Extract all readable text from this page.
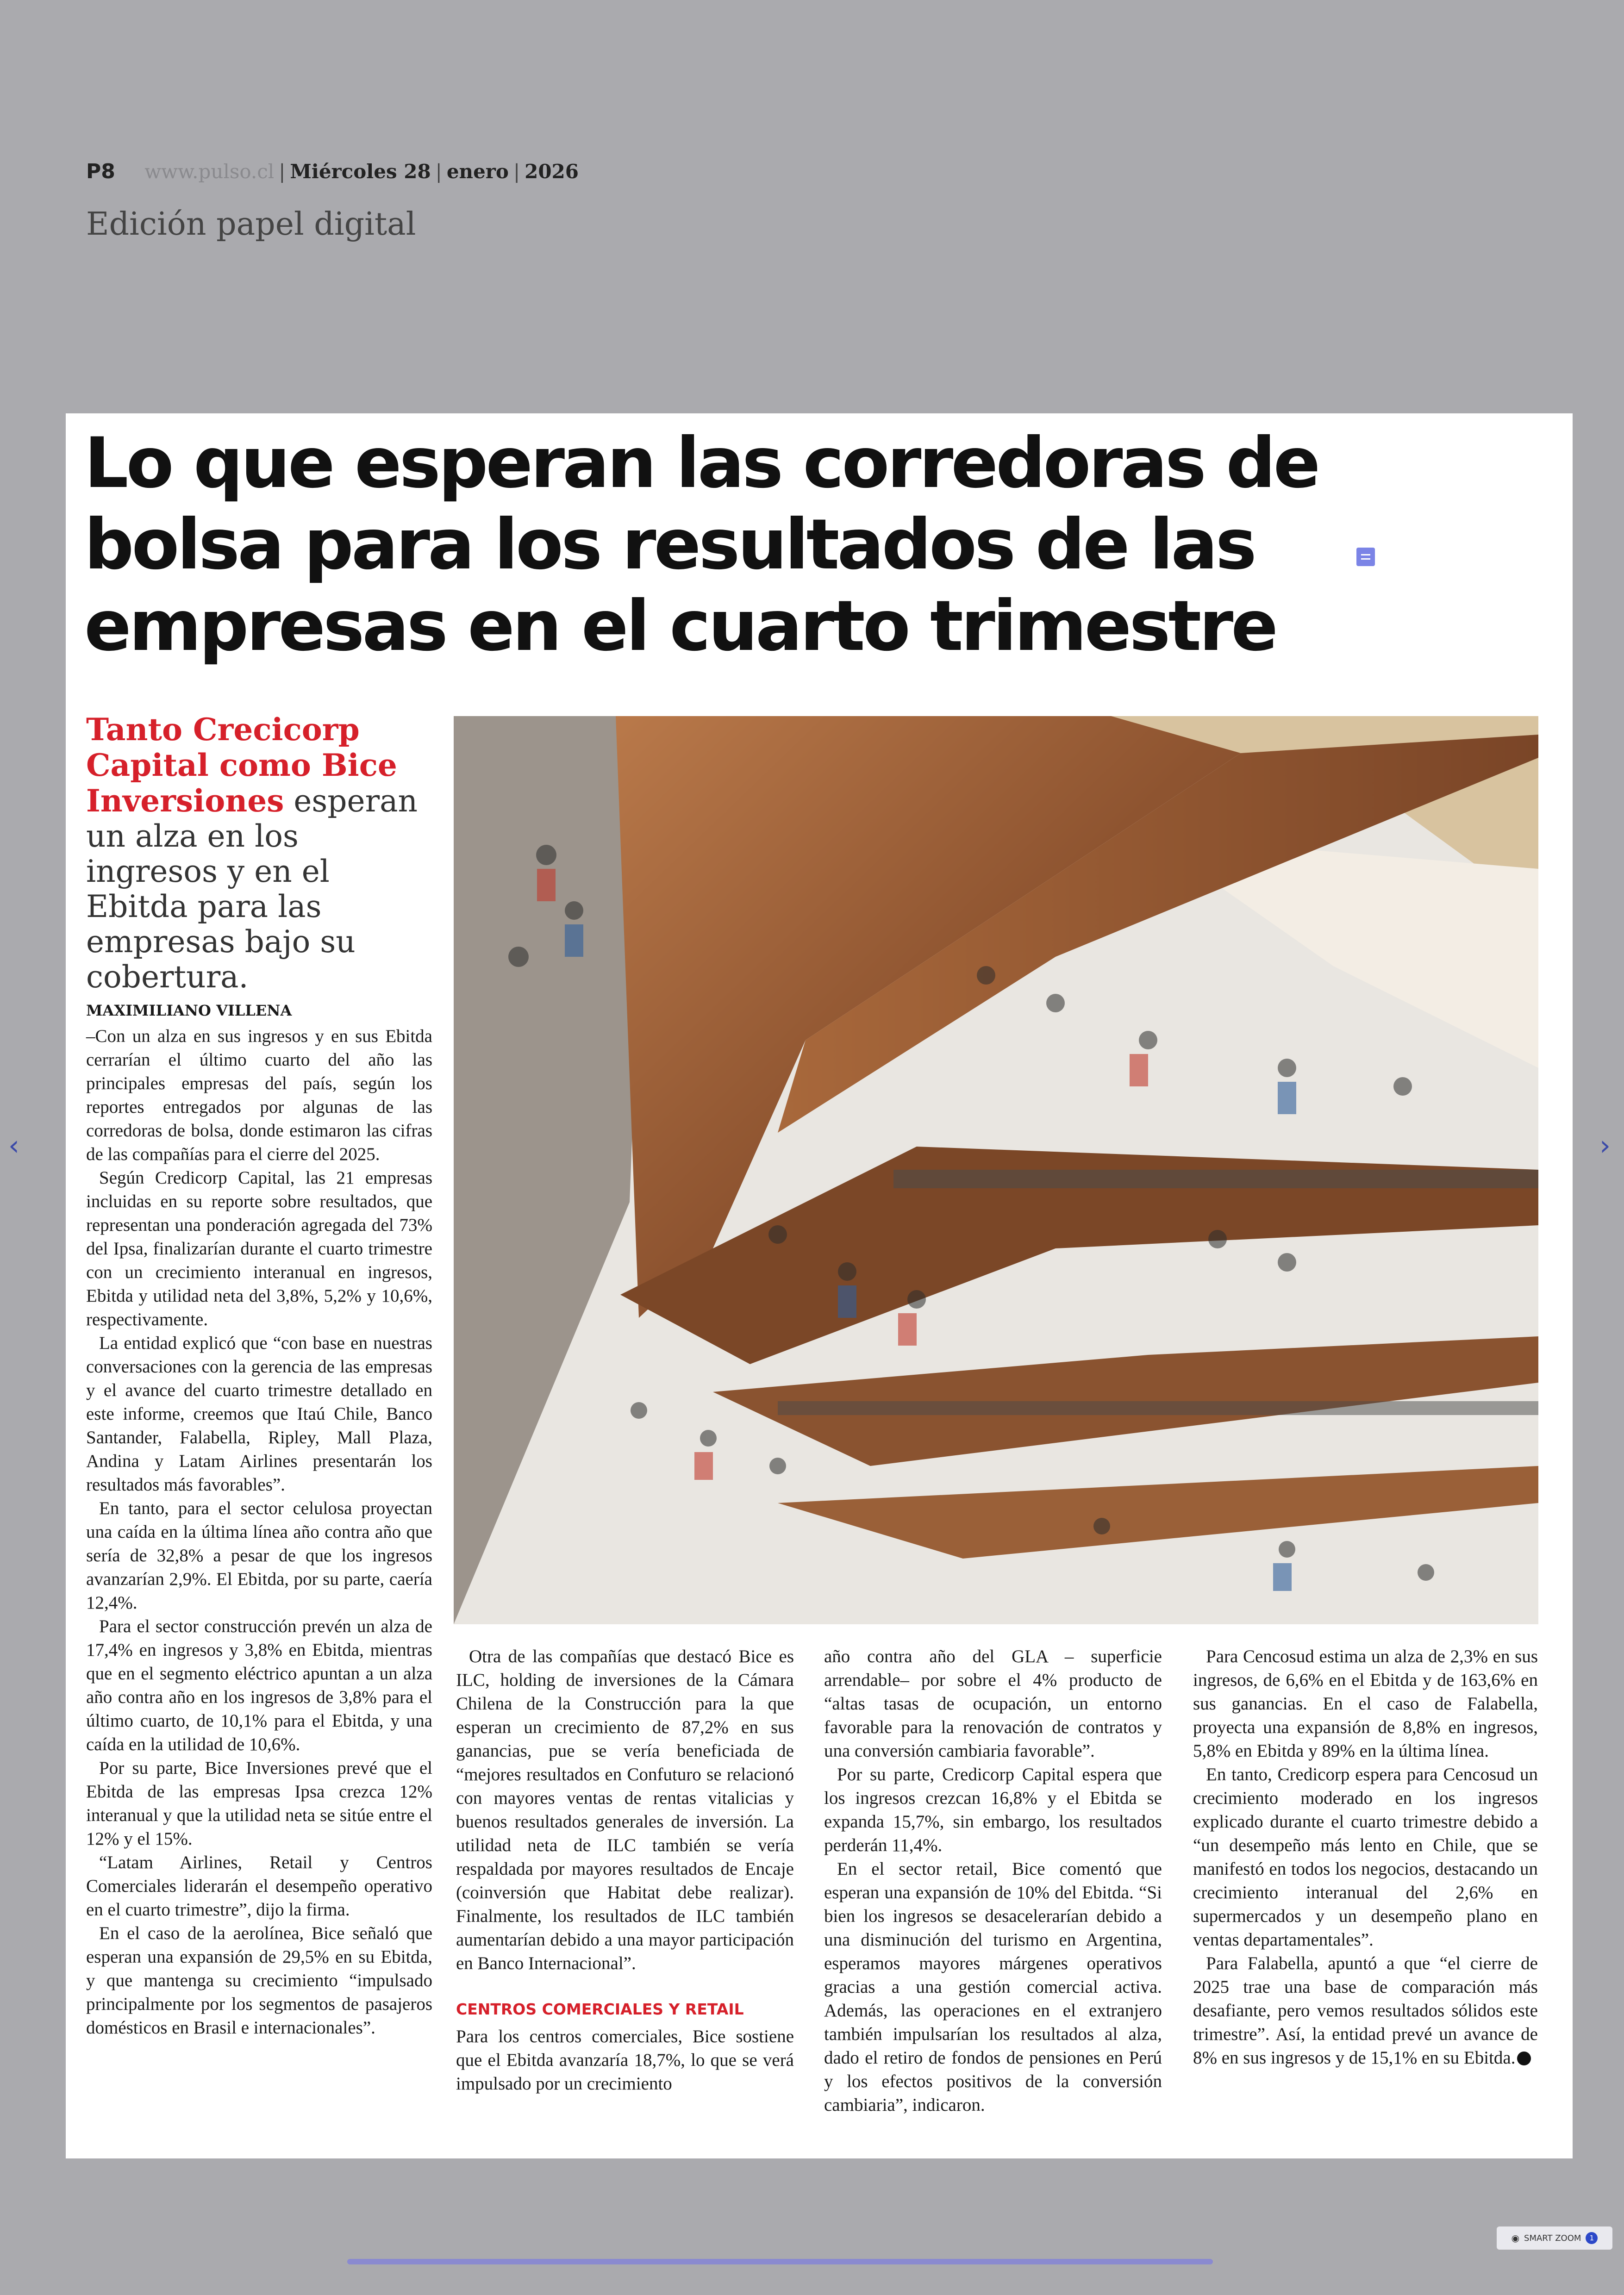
P8 www.pulso.cl | Miércoles 28 | enero | 2026
Edición papel digital
Lo que esperan las corredoras de bolsa para los resultados de las empresas en el cuarto trimestre
Tanto Crecicorp Capital como Bice Inversiones esperan un alza en los ingresos y en el Ebitda para las empresas bajo su cobertura.
MAXIMILIANO VILLENA

–Con un alza en sus ingresos y en sus Ebitda cerrarían el último cuarto del año las principales empresas del país, según los reportes entregados por algunas de las corredoras de bolsa, donde estimaron las cifras de las compañías para el cierre del 2025.

Según Credicorp Capital, las 21 empresas incluidas en su reporte sobre resultados, que representan una ponderación agregada del 73% del Ipsa, finalizarían durante el cuarto trimestre con un crecimiento interanual en ingresos, Ebitda y utilidad neta del 3,8%, 5,2% y 10,6%, respectivamente.

La entidad explicó que “con base en nuestras conversaciones con la gerencia de las empresas y el avance del cuarto trimestre detallado en este informe, creemos que Itaú Chile, Banco Santander, Falabella, Ripley, Mall Plaza, Andina y Latam Airlines presentarán los resultados más favorables”.

En tanto, para el sector celulosa proyectan una caída en la última línea año contra año que sería de 32,8% a pesar de que los ingresos avanzarían 2,9%. El Ebitda, por su parte, caería 12,4%.

Para el sector construcción prevén un alza de 17,4% en ingresos y 3,8% en Ebitda, mientras que en el segmento eléctrico apuntan a un alza año contra año en los ingresos de 3,8% para el último cuarto, de 10,1% para el Ebitda, y una caída en la utilidad de 10,6%.

Por su parte, Bice Inversiones prevé que el Ebitda de las empresas Ipsa crezca 12% interanual y que la utilidad neta se sitúe entre el 12% y el 15%.

“Latam Airlines, Retail y Centros Comerciales liderarán el desempeño operativo en el cuarto trimestre”, dijo la firma.

En el caso de la aerolínea, Bice señaló que esperan una expansión de 29,5% en su Ebitda, y que mantenga su crecimiento “impulsado principalmente por los segmentos de pasajeros domésticos en Brasil e internacionales”.

Otra de las compañías que destacó Bice es ILC, holding de inversiones de la Cámara Chilena de la Construcción para la que esperan un crecimiento de 87,2% en sus ganancias, pue se vería beneficiada de “mejores resultados en Confuturo se relacionó con mayores ventas de rentas vitalicias y buenos resultados generales de inversión. La utilidad neta de ILC también se vería respaldada por mayores resultados de Encaje (coinversión que Habitat debe realizar). Finalmente, los resultados de ILC también aumentarían debido a una mayor participación en Banco Internacional”.

CENTROS COMERCIALES Y RETAIL

Para los centros comerciales, Bice sostiene que el Ebitda avanzaría 18,7%, lo que se verá impulsado por un crecimiento

año contra año del GLA – superficie arrendable– por sobre el 4% producto de “altas tasas de ocupación, un entorno favorable para la renovación de contratos y una conversión cambiaria favorable”.

Por su parte, Credicorp Capital espera que los ingresos crezcan 16,8% y el Ebitda se expanda 15,7%, sin embargo, los resultados perderán 11,4%.

En el sector retail, Bice comentó que esperan una expansión de 10% del Ebitda. “Si bien los ingresos se desacelerarían debido a una disminución del turismo en Argentina, esperamos mayores márgenes operativos gracias a una gestión comercial activa. Además, las operaciones en el extranjero también impulsarían los resultados al alza, dado el retiro de fondos de pensiones en Perú y los efectos positivos de la conversión cambiaria”, indicaron.

Para Cencosud estima un alza de 2,3% en sus ingresos, de 6,6% en el Ebitda y de 163,6% en sus ganancias. En el caso de Falabella, proyecta una expansión de 8,8% en ingresos, 5,8% en Ebitda y 89% en la última línea.

En tanto, Credicorp espera para Cencosud un crecimiento moderado en los ingresos explicado durante el cuarto trimestre debido a “un desempeño más lento en Chile, que se manifestó en todos los negocios, destacando un crecimiento interanual del 2,6% en supermercados y un desempeño plano en ventas departamentales”.

Para Falabella, apuntó a que “el cierre de 2025 trae una base de comparación más desafiante, pero vemos resultados sólidos este trimestre”. Así, la entidad prevé un avance de 8% en sus ingresos y de 15,1% en su Ebitda.

‹	›
◉ SMART ZOOM	1
